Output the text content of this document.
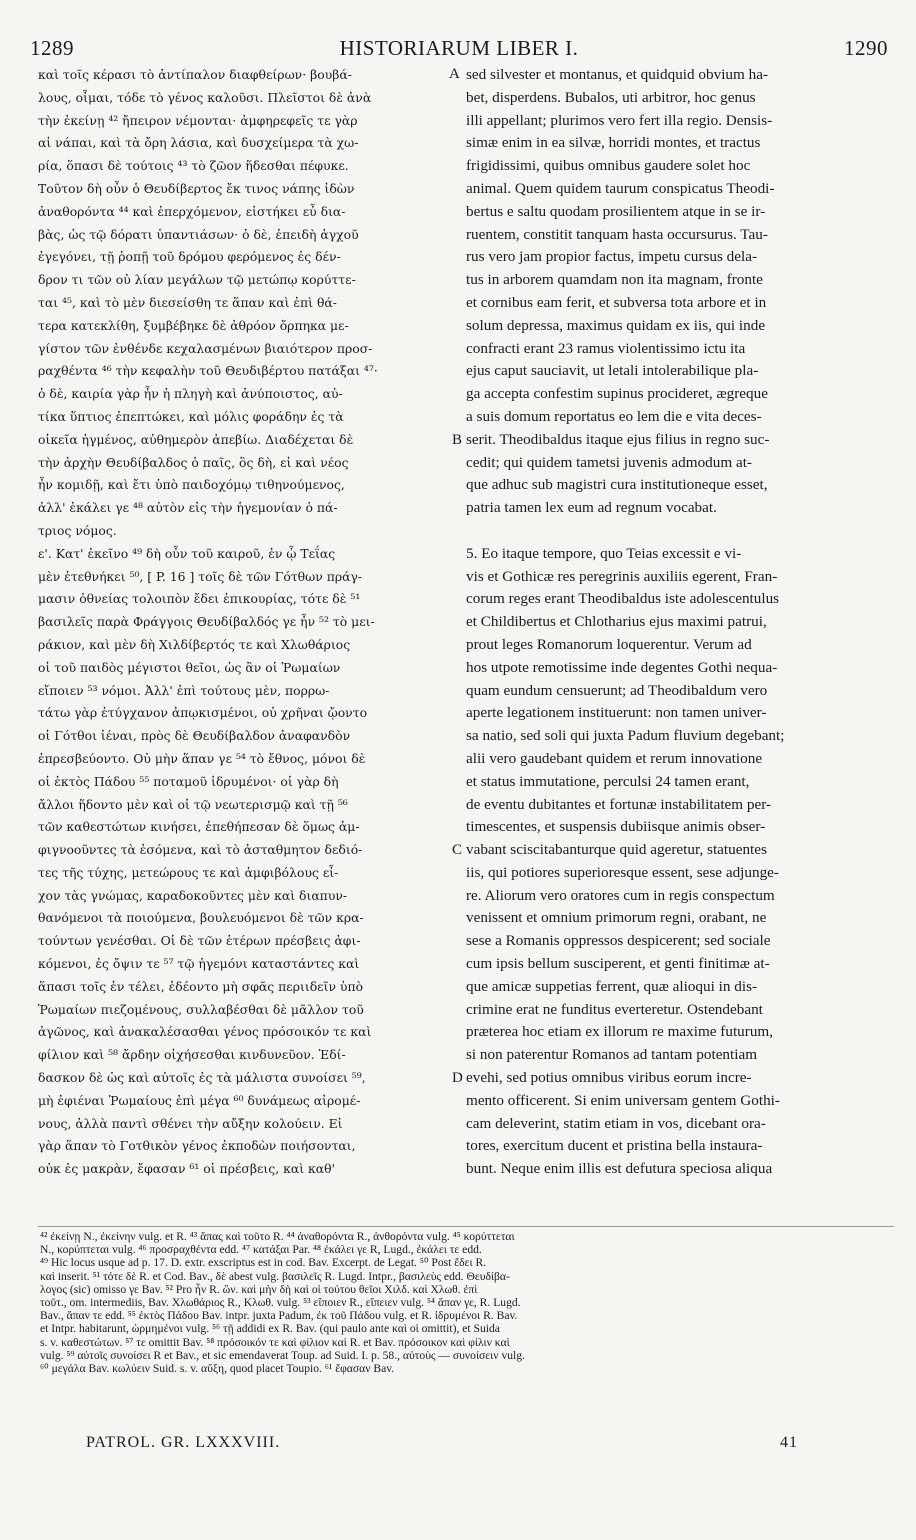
1289	HISTORIARUM LIBER I.	1290
καὶ τοῖς κέρασι τὸ ἀντίπαλον διαφθείρων· βουβά-
λους, οἶμαι, τόδε τὸ γένος καλοῦσι. Πλεῖστοι δὲ ἀνὰ
τὴν ἐκείνῃ ⁴² ἤπειρον νέμονται· ἀμφηρεφεῖς τε γὰρ
αἱ νάπαι, καὶ τὰ ὄρη λάσια, καὶ δυσχείμερα τὰ χω-
ρία, ὅπασι δὲ τούτοις ⁴³ τὸ ζῶον ἥδεσθαι πέφυκε.
Τοῦτον δὴ οὖν ὁ Θευδίβερτος ἔκ τινος νάπης ἰδὼν
ἀναθορόντα ⁴⁴ καὶ ἐπερχόμενον, εἱστήκει εὖ δια-
βὰς, ὡς τῷ δόρατι ὑπαντιάσων· ὁ δὲ, ἐπειδὴ ἀγχοῦ
ἐγεγόνει, τῇ ῥοπῇ τοῦ δρόμου φερόμενος ἐς δέν-
δρον τι τῶν οὐ λίαν μεγάλων τῷ μετώπῳ κορύττε-
ται ⁴⁵, καὶ τὸ μὲν διεσείσθη τε ἅπαν καὶ ἐπὶ θά-
τερα κατεκλίθη, ξυμβέβηκε δὲ ἀθρόον ὄρπηκα με-
γίστον τῶν ἐνθένδε κεχαλασμένων βιαιότερον προσ-
ραχθέντα ⁴⁶ τὴν κεφαλὴν τοῦ Θευδιβέρτου πατάξαι ⁴⁷·
ὁ δὲ, καιρία γὰρ ἦν ἡ πληγὴ καὶ ἀνύποιστος, αὐ-
τίκα ὕπτιος ἐπεπτώκει, καὶ μόλις φοράδην ἐς τὰ
οἰκεῖα ἠγμένος, αὐθημερὸν ἀπεβίω. Διαδέχεται δὲ
τὴν ἀρχὴν Θευδίβαλδος ὁ παῖς, ὃς δὴ, εἰ καὶ νέος
ἦν κομιδῇ, καὶ ἔτι ὑπὸ παιδοχόμῳ τιθηνούμενος,
ἀλλ' ἐκάλει γε ⁴⁸ αὐτὸν εἰς τὴν ἡγεμονίαν ὁ πά-
τριος νόμος.
ε'. Κατ' ἐκεῖνο ⁴⁹ δὴ οὖν τοῦ καιροῦ, ἐν ᾧ Τεΐας
μὲν ἐτεθνήκει ⁵⁰, [ P. 16 ] τοῖς δὲ τῶν Γότθων πράγ-
μασιν ὀθνείας τολοιπὸν ἔδει ἐπικουρίας, τότε δὲ ⁵¹
βασιλεῖς παρὰ Φράγγοις Θευδίβαλδός γε ἦν ⁵² τὸ μει-
ράκιον, καὶ μὲν δὴ Χιλδίβερτός τε καὶ Χλωθάριος
οἱ τοῦ παιδὸς μέγιστοι θεῖοι, ὡς ἂν οἱ Ῥωμαίων
εἴποιεν ⁵³ νόμοι. Ἀλλ' ἐπὶ τούτους μὲν, πορρω-
τάτω γὰρ ἐτύγχανον ἀπῳκισμένοι, οὐ χρῆναι ᾤοντο
οἱ Γότθοι ἰέναι, πρὸς δὲ Θευδίβαλδον ἀναφανδὸν
ἐπρεσβεύοντο. Οὐ μὴν ἅπαν γε ⁵⁴ τὸ ἔθνος, μόνοι δὲ
οἱ ἐκτὸς Πάδου ⁵⁵ ποταμοῦ ἱδρυμένοι· οἱ γὰρ δὴ
ἄλλοι ἥδοντο μὲν καὶ οἱ τῷ νεωτερισμῷ καὶ τῇ ⁵⁶
τῶν καθεστώτων κινήσει, ἐπεθήπεσαν δὲ ὅμως ἀμ-
φιγνοοῦντες τὰ ἐσόμενα, καὶ τὸ ἀσταθμητον δεδιό-
τες τῆς τύχης, μετεώρους τε καὶ ἀμφιβόλους εἶ-
χον τὰς γνώμας, καραδοκοῦντες μὲν καὶ διαπυν-
θανόμενοι τὰ ποιούμενα, βουλευόμενοι δὲ τῶν κρα-
τούντων γενέσθαι. Οἱ δὲ τῶν ἑτέρων πρέσβεις ἀφι-
κόμενοι, ἐς ὄψιν τε ⁵⁷ τῷ ἡγεμόνι καταστάντες καὶ
ἅπασι τοῖς ἐν τέλει, ἐδέοντο μὴ σφᾶς περιιδεῖν ὑπὸ
Ῥωμαίων πιεζομένους, συλλαβέσθαι δὲ μᾶλλον τοῦ
ἀγῶνος, καὶ ἀνακαλέσασθαι γένος πρόσοικόν τε καὶ
φίλιον καὶ ⁵⁸ ἄρδην οἰχήσεσθαι κινδυνεῦον. Ἐδί-
δασκον δὲ ὡς καὶ αὐτοῖς ἐς τὰ μάλιστα συνοίσει ⁵⁹,
μὴ ἐφιέναι Ῥωμαίους ἐπὶ μέγα ⁶⁰ δυνάμεως αἰρομέ-
νους, ἀλλὰ παντὶ σθένει τὴν αὔξην κολούειν. Εἰ
γὰρ ἅπαν τὸ Γοτθικὸν γένος ἐκποδὼν ποιήσονται,
οὐκ ἐς μακρὰν, ἔφασαν ⁶¹ οἱ πρέσβεις, καὶ καθ'
sed silvester et montanus, et quidquid obvium ha-
bet, disperdens. Bubalos, uti arbitror, hoc genus
illi appellant; plurimos vero fert illa regio. Densis-
simæ enim in ea silvæ, horridi montes, et tractus
frigidissimi, quibus omnibus gaudere solet hoc
animal. Quem quidem taurum conspicatus Theodi-
bertus e saltu quodam prosilientem atque in se ir-
ruentem, constitit tanquam hasta occursurus. Tau-
rus vero jam propior factus, impetu cursus dela-
tus in arborem quamdam non ita magnam, fronte
et cornibus eam ferit, et subversa tota arbore et in
solum depressa, maximus quidam ex iis, qui inde
confracti erant 23 ramus violentissimo ictu ita
ejus caput sauciavit, ut letali intolerabilique pla-
ga accepta confestim supinus procideret, ægreque
a suis domum reportatus eo lem die e vita deces-
serit. Theodibaldus itaque ejus filius in regno suc-
cedit; qui quidem tametsi juvenis admodum at-
que adhuc sub magistri cura institutioneque esset,
patria tamen lex eum ad regnum vocabat.
5. Eo itaque tempore, quo Teias excessit e vi-
vis et Gothicæ res peregrinis auxiliis egerent, Fran-
corum reges erant Theodibaldus iste adolescentulus
et Childibertus et Chlotharius ejus maximi patrui,
prout leges Romanorum loquerentur. Verum ad
hos utpote remotissime inde degentes Gothi nequa-
quam eundum censuerunt; ad Theodibaldum vero
aperte legationem instituerunt: non tamen univer-
sa natio, sed soli qui juxta Padum fluvium degebant;
alii vero gaudebant quidem et rerum innovatione
et status immutatione, perculsi 24 tamen erant,
de eventu dubitantes et fortunæ instabilitatem per-
timescentes, et suspensis dubiisque animis obser-
vabant sciscitabanturque quid ageretur, statuentes
iis, qui potiores superioresque essent, sese adjunge-
re. Aliorum vero oratores cum in regis conspectum
venissent et omnium primorum regni, orabant, ne
sese a Romanis oppressos despicerent; sed sociale
cum ipsis bellum susciperent, et genti finitimæ at-
que amicæ suppetias ferrent, quæ alioqui in dis-
crimine erat ne funditus everteretur. Ostendebant
præterea hoc etiam ex illorum re maxime futurum,
si non paterentur Romanos ad tantam potentiam
evehi, sed potius omnibus viribus eorum incre-
mento officerent. Si enim universam gentem Gothi-
cam deleverint, statim etiam in vos, dicebant ora-
tores, exercitum ducent et pristina bella instaura-
bunt. Neque enim illis est defutura speciosa aliqua
A
B
C
D
⁴² ἐκείνῃ N., ἐκείνην vulg. et R. ⁴³ ἅπας καὶ τοῦτο R. ⁴⁴ ἀναθορόντα R., ἀνθορόντα vulg. ⁴⁵ κορύττεται
N., κορύπτεται vulg. ⁴⁶ προσραχθέντα edd. ⁴⁷ κατάξαι Par. ⁴⁸ ἐκάλει γε R, Lugd., ἐκάλει τε edd.
⁴⁹ Hic locus usque ad p. 17. D. extr. exscriptus est in cod. Bav. Excerpt. de Legat. ⁵⁰ Post ἔδει R.
καὶ inserit. ⁵¹ τότε δὲ R. et Cod. Bav., δὲ abest vulg. βασιλεῖς R. Lugd. Intpr., βασιλεὺς edd. Θευδίβα-
λογος (sic) omisso γε Bav. ⁵² Pro ἦν R. ὢν. καὶ μὴν δὴ καὶ οἱ τούτου θεῖοι Χιλδ. καὶ Χλωθ. ἐπὶ
τοῦτ., om. intermediis, Bav. Χλωθάριος R., Κλωθ. vulg. ⁵³ εἴποιεν R., εἴπειεν vulg. ⁵⁴ ἅπαν γε, R. Lugd.
Bav., ἅπαν τε edd. ⁵⁵ ἐκτὸς Πάδου Bav. intpr. juxta Padum, ἐκ τοῦ Πάδου vulg. et R. ἱδρυμένοι R. Bav.
et Intpr. habitarunt, ὡρμημένοι vulg. ⁵⁶ τῇ addidi ex R. Bav. (qui paulo ante καὶ οἱ omittit), et Suida
s. v. καθεστώτων. ⁵⁷ τε omittit Bav. ⁵⁸ πρόσοικόν τε καὶ φίλιον καὶ R. et Bav. πρόσοικον καὶ φίλιν καὶ
vulg. ⁵⁹ αὐτοῖς συνοίσει R et Bav., et sic emendaverat Toup. ad Suid. I. p. 58., αὐτοὺς — συνοίσειν vulg.
⁶⁰ μεγάλα Bav. κωλύειν Suid. s. v. αὔξη, quod placet Toupio. ⁶¹ ἔφασαν Bav.
PATROL. GR. LXXXVIII.	41
